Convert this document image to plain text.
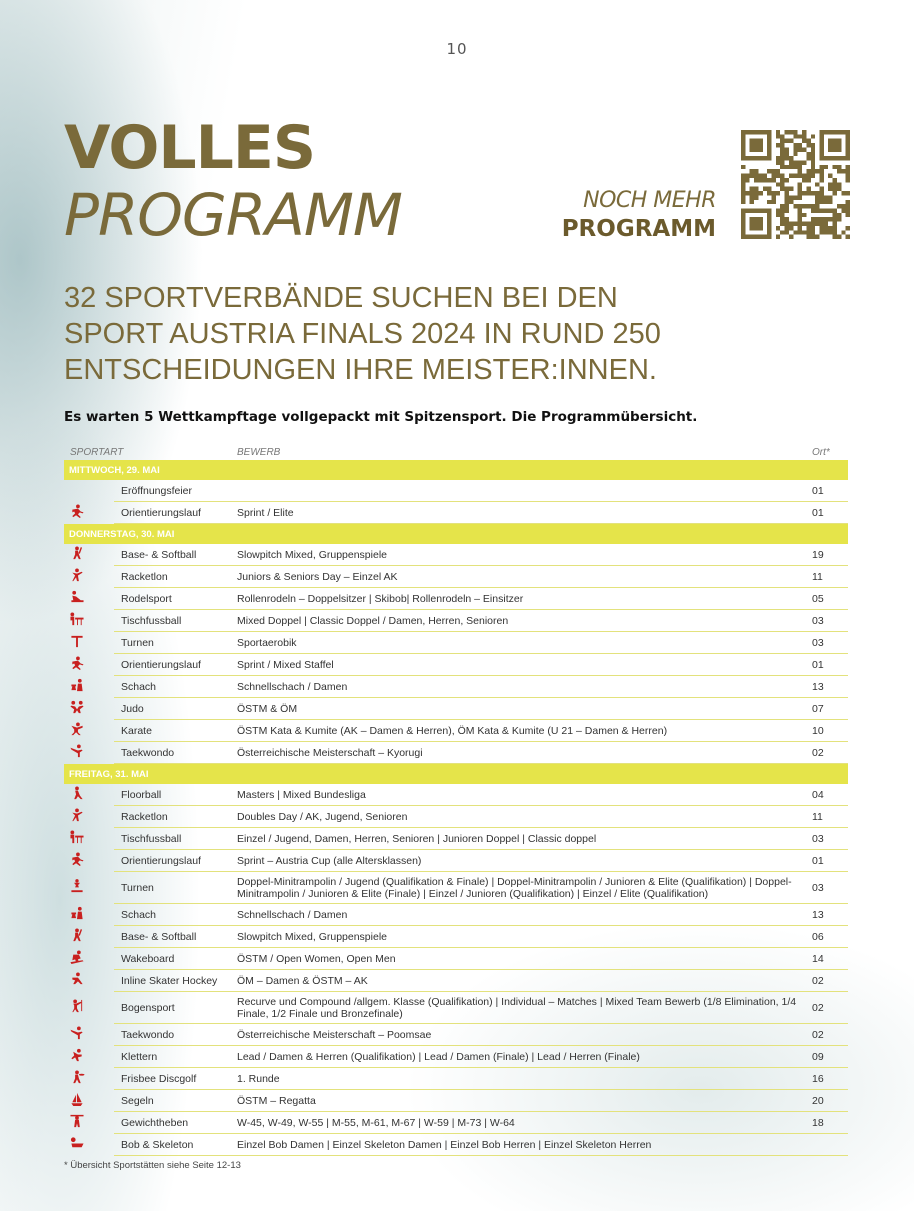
10
VOLLES
PROGRAMM	NOCH MEHR
PROGRAMM
32 SPORTVERBÄNDE SUCHEN BEI DEN SPORT AUSTRIA FINALS 2024 IN RUND 250 ENTSCHEIDUNGEN IHRE MEISTER:INNEN.
Es warten 5 Wettkampftage vollgepackt mit Spitzensport. Die Programmübersicht.
SPORTART			BEWERB	Ort*
MITTWOCH, 29. MAI				
		Eröffnungsfeier		01
		Orientierungslauf	Sprint / Elite	01
DONNERSTAG, 30. MAI				
		Base- & Softball	Slowpitch Mixed, Gruppenspiele	19
		Racketlon	Juniors & Seniors Day – Einzel AK	11
		Rodelsport	Rollenrodeln – Doppelsitzer | Skibob| Rollenrodeln – Einsitzer	05
		Tischfussball	Mixed Doppel | Classic Doppel / Damen, Herren, Senioren	03
		Turnen	Sportaerobik	03
		Orientierungslauf	Sprint / Mixed Staffel	01
		Schach	Schnellschach / Damen	13
		Judo	ÖSTM & ÖM	07
		Karate	ÖSTM Kata & Kumite (AK – Damen & Herren), ÖM Kata & Kumite (U 21 – Damen & Herren)	10
		Taekwondo	Österreichische Meisterschaft – Kyorugi	02
FREITAG, 31. MAI				
		Floorball	Masters | Mixed Bundesliga	04
		Racketlon	Doubles Day / AK, Jugend, Senioren	11
		Tischfussball	Einzel / Jugend, Damen, Herren, Senioren | Junioren Doppel | Classic doppel	03
		Orientierungslauf	Sprint – Austria Cup (alle Altersklassen)	01
		Turnen	Doppel-Minitrampolin / Jugend (Qualifikation & Finale) | Doppel-Minitrampolin / Junioren & Elite (Qualifikation) | Doppel-Minitrampolin / Junioren & Elite (Finale) | Einzel / Junioren (Qualifikation) | Einzel / Elite (Qualifikation)	03
		Schach	Schnellschach / Damen	13
		Base- & Softball	Slowpitch Mixed, Gruppenspiele	06
		Wakeboard	ÖSTM / Open Women, Open Men	14
		Inline Skater Hockey	ÖM – Damen & ÖSTM – AK	02
		Bogensport	Recurve und Compound /allgem. Klasse (Qualifikation) | Individual – Matches | Mixed Team Bewerb (1/8 Elimination, 1/4 Finale, 1/2 Finale und Bronzefinale)	02
		Taekwondo	Österreichische Meisterschaft – Poomsae	02
		Klettern	Lead / Damen & Herren (Qualifikation) | Lead / Damen (Finale) | Lead / Herren (Finale)	09
		Frisbee Discgolf	1. Runde	16
		Segeln	ÖSTM – Regatta	20
		Gewichtheben	W-45, W-49, W-55 | M-55, M-61, M-67 | W-59 | M-73 | W-64	18
		Bob & Skeleton	Einzel Bob Damen | Einzel Skeleton Damen | Einzel Bob Herren | Einzel Skeleton Herren	
* Übersicht Sportstätten siehe Seite 12-13
